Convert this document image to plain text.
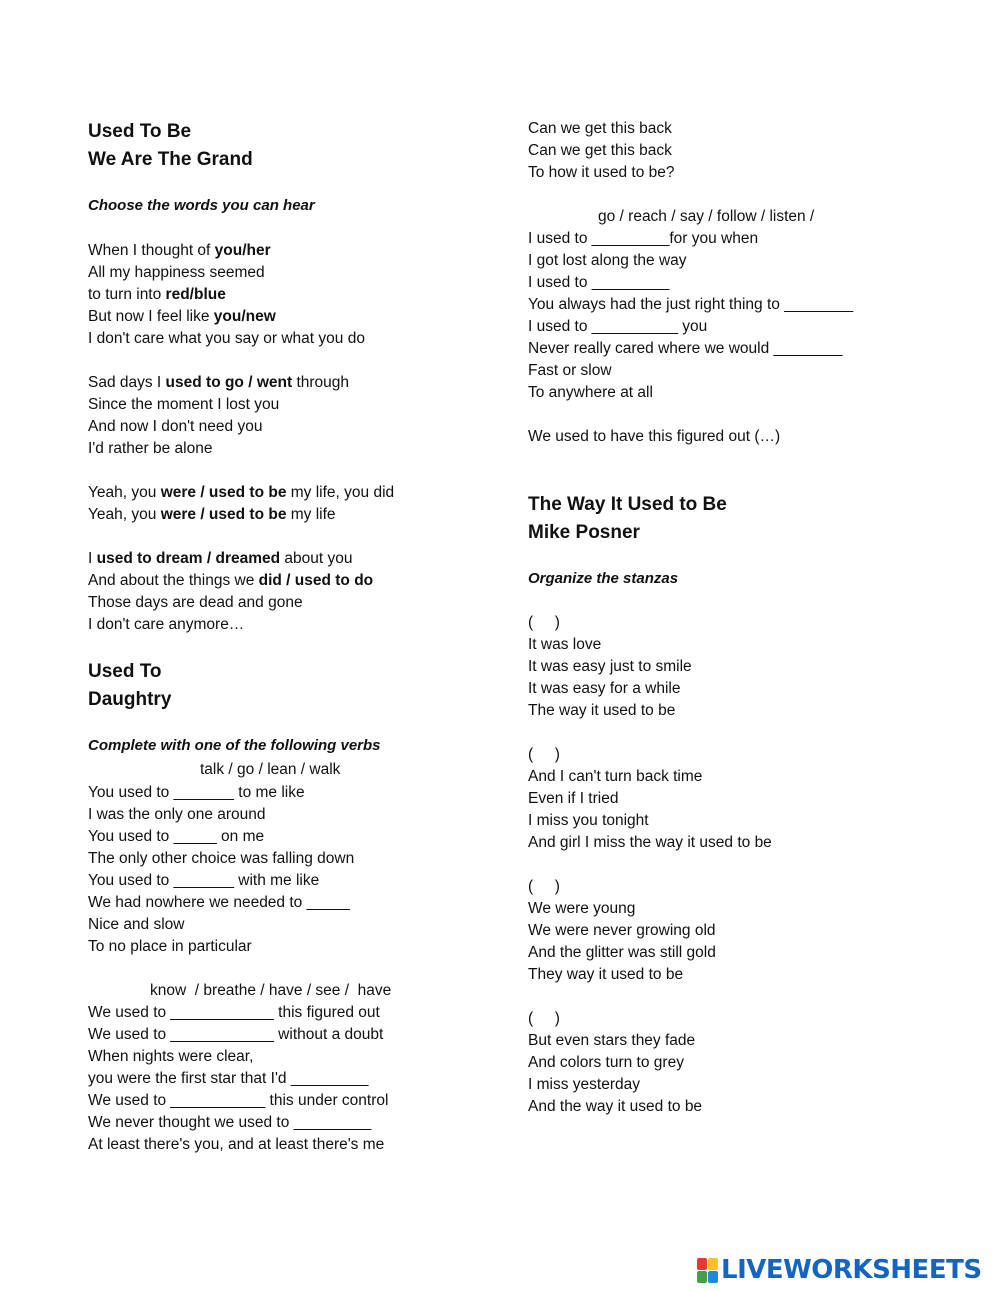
Used To Be
We Are The Grand
Choose the words you can hear
When I thought of you/her
All my happiness seemed
to turn into red/blue
But now I feel like you/new
I don't care what you say or what you do
Sad days I used to go / went through
Since the moment I lost you
And now I don't need you
I'd rather be alone
Yeah, you were / used to be my life, you did
Yeah, you were / used to be my life
I used to dream / dreamed about you
And about the things we did / used to do
Those days are dead and gone
I don't care anymore…
Used To
Daughtry
Complete with one of the following verbs
talk / go / lean / walk
You used to _______ to me like
I was the only one around
You used to _____ on me
The only other choice was falling down
You used to _______ with me like
We had nowhere we needed to _____
Nice and slow
To no place in particular
know  / breathe / have / see /  have
We used to ____________ this figured out
We used to ____________ without a doubt
When nights were clear,
you were the first star that I'd _________
We used to ___________ this under control
We never thought we used to _________
At least there's you, and at least there's me
Can we get this back
Can we get this back
To how it used to be?
go / reach / say / follow / listen /
I used to _________for you when
I got lost along the way
I used to _________
You always had the just right thing to ________
I used to __________ you
Never really cared where we would ________
Fast or slow
To anywhere at all
We used to have this figured out (…)
The Way It Used to Be
Mike Posner
Organize the stanzas
(     )
It was love
It was easy just to smile
It was easy for a while
The way it used to be
(     )
And I can't turn back time
Even if I tried
I miss you tonight
And girl I miss the way it used to be
(     )
We were young
We were never growing old
And the glitter was still gold
They way it used to be
(     )
But even stars they fade
And colors turn to grey
I miss yesterday
And the way it used to be
LIVEWORKSHEETS
